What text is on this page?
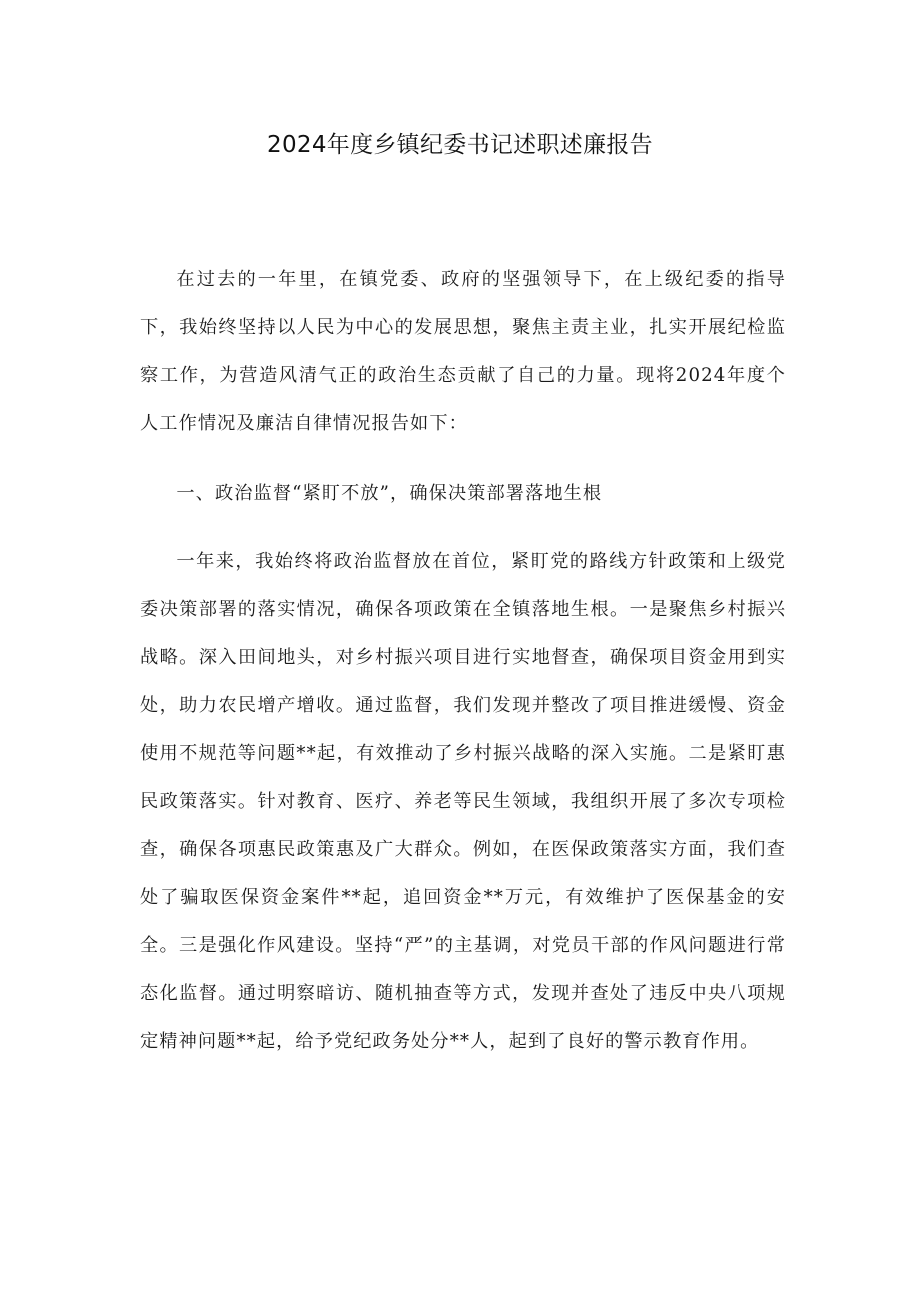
2024年度乡镇纪委书记述职述廉报告

在过去的一年里，在镇党委、政府的坚强领导下，在上级纪委的指导下，我始终坚持以人民为中心的发展思想，聚焦主责主业，扎实开展纪检监察工作，为营造风清气正的政治生态贡献了自己的力量。现将2024年度个人工作情况及廉洁自律情况报告如下：

一、政治监督“紧盯不放”，确保决策部署落地生根

一年来，我始终将政治监督放在首位，紧盯党的路线方针政策和上级党委决策部署的落实情况，确保各项政策在全镇落地生根。一是聚焦乡村振兴战略。深入田间地头，对乡村振兴项目进行实地督查，确保项目资金用到实处，助力农民增产增收。通过监督，我们发现并整改了项目推进缓慢、资金使用不规范等问题**起，有效推动了乡村振兴战略的深入实施。二是紧盯惠民政策落实。针对教育、医疗、养老等民生领域，我组织开展了多次专项检查，确保各项惠民政策惠及广大群众。例如，在医保政策落实方面，我们查处了骗取医保资金案件**起，追回资金**万元，有效维护了医保基金的安全。三是强化作风建设。坚持“严”的主基调，对党员干部的作风问题进行常态化监督。通过明察暗访、随机抽查等方式，发现并查处了违反中央八项规定精神问题**起，给予党纪政务处分**人，起到了良好的警示教育作用。
